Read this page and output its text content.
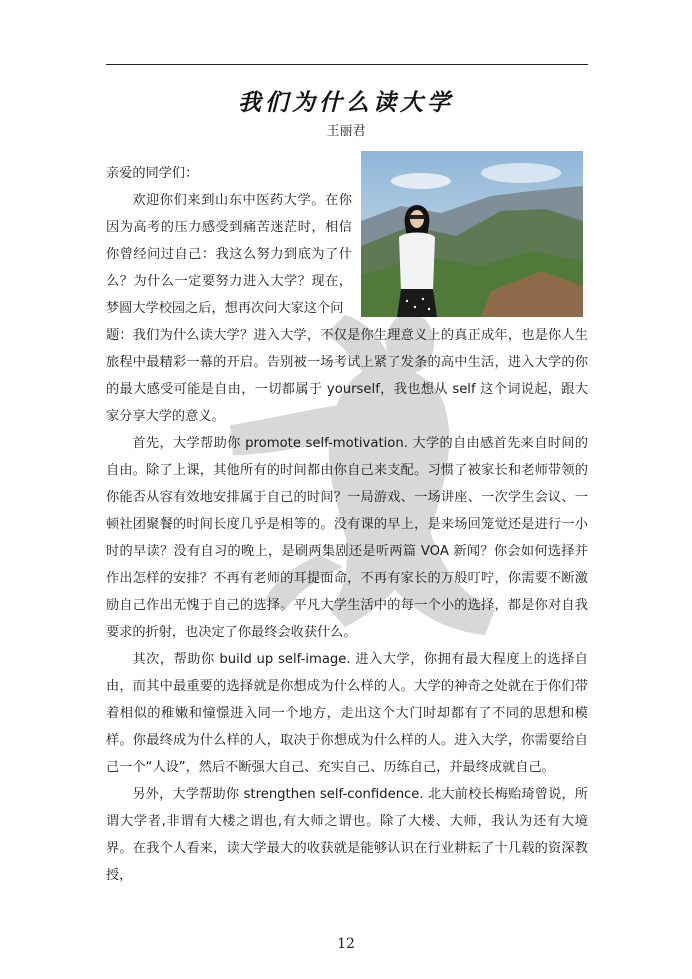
我们为什么读大学
王丽君

亲爱的同学们：

欢迎你们来到山东中医药大学。在你因为高考的压力感受到痛苦迷茫时，相信你曾经问过自己：我这么努力到底为了什么？为什么一定要努力进入大学？现在，梦圆大学校园之后，想再次问大家这个问

题：我们为什么读大学？进入大学，不仅是你生理意义上的真正成年，也是你人生旅程中最精彩一幕的开启。告别被一场考试上紧了发条的高中生活，进入大学的你的最大感受可能是自由，一切都属于 yourself，我也想从 self 这个词说起，跟大家分享大学的意义。

首先，大学帮助你 promote self-motivation. 大学的自由感首先来自时间的自由。除了上课，其他所有的时间都由你自己来支配。习惯了被家长和老师带领的你能否从容有效地安排属于自己的时间？一局游戏、一场讲座、一次学生会议、一顿社团聚餐的时间长度几乎是相等的。没有课的早上，是来场回笼觉还是进行一小时的早读？没有自习的晚上，是刷两集剧还是听两篇 VOA 新闻？你会如何选择并作出怎样的安排？不再有老师的耳提面命，不再有家长的万般叮咛，你需要不断激励自己作出无愧于自己的选择。平凡大学生活中的每一个小的选择，都是你对自我要求的折射，也决定了你最终会收获什么。

其次，帮助你 build up self-image. 进入大学，你拥有最大程度上的选择自由，而其中最重要的选择就是你想成为什么样的人。大学的神奇之处就在于你们带着相似的稚嫩和憧憬进入同一个地方，走出这个大门时却都有了不同的思想和模样。你最终成为什么样的人，取决于你想成为什么样的人。进入大学，你需要给自己一个“人设”，然后不断强大自己、充实自己、历练自己，并最终成就自己。

另外，大学帮助你 strengthen self-confidence. 北大前校长梅贻琦曾说，所谓大学者,非谓有大楼之谓也,有大师之谓也。除了大楼、大师，我认为还有大境界。在我个人看来，读大学最大的收获就是能够认识在行业耕耘了十几载的资深教授，

12
